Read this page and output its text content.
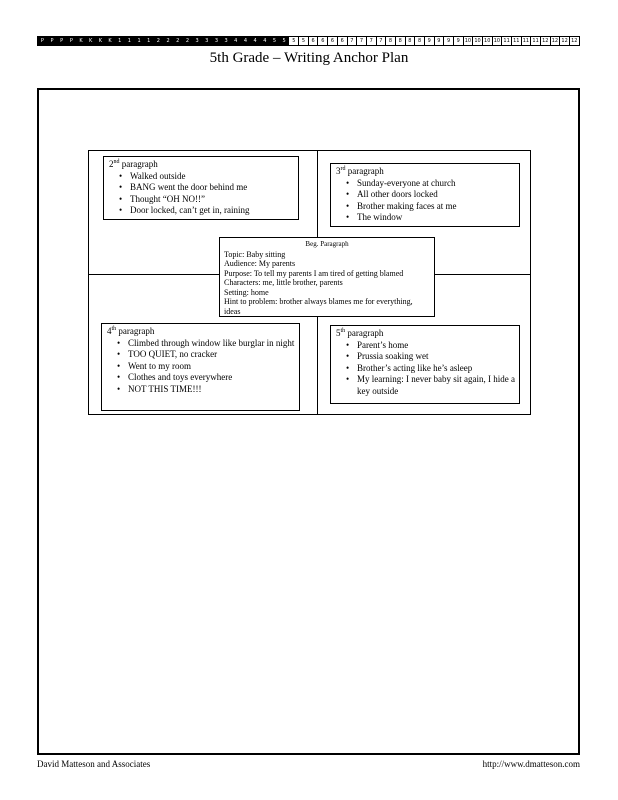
P	P	P	P	K	K	K	K	1	1	1	1	2	2	2	2	3	3	3	3	4	4	4	4	5	5	5	5	6	6	6	6	7	7	7	7	8	8	8	8	9	9	9	9 10 10 10 10 11 11 11 11 12 12 12 12
5th Grade – Writing Anchor Plan
2nd paragraph
• Walked outside
• BANG went the door behind me
• Thought “OH NO!!”
• Door locked, can’t get in, raining
3rd paragraph
• Sunday-everyone at church
• All other doors locked
• Brother making faces at me
• The window
Beg. Paragraph
Topic: Baby sitting
Audience: My parents
Purpose: To tell my parents I am tired of getting blamed
Characters: me, little brother, parents
Setting: home
Hint to problem: brother always blames me for everything, ideas
4th paragraph
• Climbed through window like burglar in night
• TOO QUIET, no cracker
• Went to my room
• Clothes and toys everywhere
• NOT THIS TIME!!!
5th paragraph
• Parent’s home
• Prussia soaking wet
• Brother’s acting like he’s asleep
• My learning: I never baby sit again, I hide a key outside
David Matteson and Associates	http://www.dmatteson.com
